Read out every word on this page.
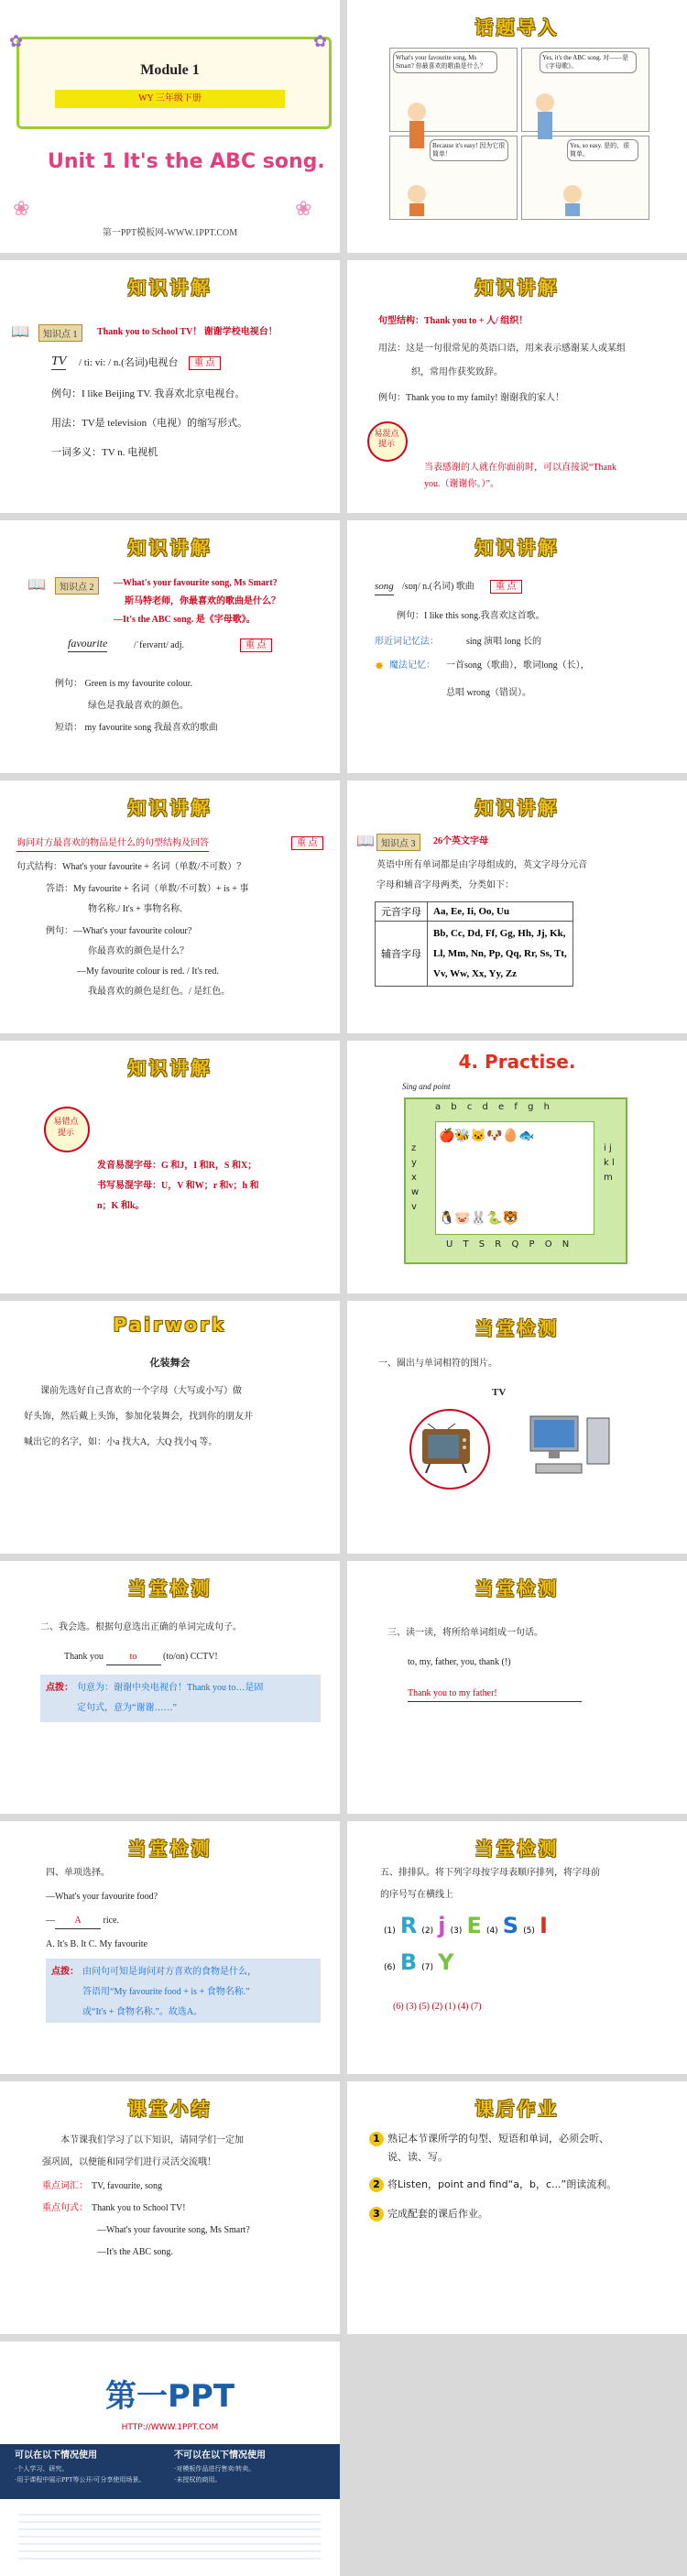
✿	✿
Module 1
WY 三年级下册
Unit 1 It's the ABC song.
❀	❀
第一PPT模板网-WWW.1PPT.COM
话题导入
What's your favourite song, Ms Smart? 你最喜欢的歌曲是什么？
Yes, it's the ABC song. 对——是《字母歌》。
Because it's easy! 因为它很简单！
Yes, so easy. 是的，很简单。
知识讲解
📖	知识点 1	Thank you to School TV！ 谢谢学校电视台！
TV / ti: vi: / n.(名词)电视台	重 点
例句：I like Beijing TV. 我喜欢北京电视台。
用法：TV是 television（电视）的缩写形式。
一词多义：TV n. 电视机
知识讲解
句型结构：Thank you to + 人/ 组织！
用法：这是一句很常见的英语口语，用来表示感谢某人或某组
织，常用作获奖致辞。
例句：Thank you to my family! 谢谢我的家人！
易混点 提示
当表感谢的人就在你面前时，可以直接说“Thank
you.（谢谢你。）”。
知识讲解
📖	知识点 2	—What's your favourite song, Ms Smart?
斯马特老师，你最喜欢的歌曲是什么？
—It's the ABC song. 是《字母歌》。
favourite	/ˈfeɪvərɪt/ adj.	重 点
例句： Green is my favourite colour.
绿色是我最喜欢的颜色。
短语： my favourite song 我最喜欢的歌曲
知识讲解
song /sɒŋ/ n.(名词) 歌曲	重 点
例句：I like this song.我喜欢这首歌。
形近词记忆法：	sing 演唱 long 长的
✸ 魔法记忆： 一首song（歌曲），歌词long（长），
总唱 wrong（错误）。
知识讲解
询问对方最喜欢的物品是什么的句型结构及回答	重 点
句式结构：What's your favourite + 名词（单数/不可数）？
答语：My favourite + 名词（单数/不可数）+ is + 事
物名称./ It's + 事物名称.
例句：—What's your favourite colour?
你最喜欢的颜色是什么？
—My favourite colour is red. / It's red.
我最喜欢的颜色是红色。/ 是红色。
知识讲解
📖 知识点 3	26个英文字母
英语中所有单词都是由字母组成的，英文字母分元音
字母和辅音字母两类，分类如下：
元音字母	Aa, Ee, Ii, Oo, Uu
辅音字母	Bb, Cc, Dd, Ff, Gg, Hh, Jj, Kk,
Ll, Mm, Nn, Pp, Qq, Rr, Ss, Tt,
Vv, Ww, Xx, Yy, Zz
知识讲解
易错点 提示
发音易混字母：G 和J，I 和R，S 和X；
书写易混字母：U，V 和W；r 和v；h 和
n；K 和k。
4. Practise.
Sing and point
a b c d e f g h
U T S R Q P O N
z y x w v
i j k l m
🍎🐝🐱🐶🥚🐟

🐧🐷🐰🐍🐯
Pairwork
化装舞会
课前先选好自己喜欢的一个字母（大写或小写）做
好头饰，然后戴上头饰，参加化装舞会，找到你的朋友并
喊出它的名字，如：小a 找大A，大Q 找小q 等。
当堂检测
一、圈出与单词相符的图片。
TV
当堂检测
二、我会选。根据句意选出正确的单词完成句子。
Thank you	to	(to/on) CCTV!
点拨： 句意为：谢谢中央电视台！Thank you to…是固
定句式，意为“谢谢……”
当堂检测
三、读一读，将所给单词组成一句话。
to, my, father, you, thank (!)
Thank you to my father!
当堂检测
四、单项选择。
—What's your favourite food?
— A rice.
A. It's B. It C. My favourite
点拨： 由问句可知是询问对方喜欢的食物是什么，
答语用“My favourite food + is + 食物名称.”
或“It's + 食物名称.”。故选A。
当堂检测
五、排排队。将下列字母按字母表顺序排列，将字母前
的序号写在横线上
(1) R (2) j (3) E (4) S (5) I
(6) B (7) Y
(6) (3) (5) (2) (1) (4) (7)
课堂小结
本节课我们学习了以下知识，请同学们一定加
强巩固，以便能和同学们进行灵活交流哦！
重点词汇： TV, favourite, song
重点句式： Thank you to School TV!
—What's your favourite song, Ms Smart?
—It's the ABC song.
课后作业
1 熟记本节课所学的句型、短语和单词，必须会听、
说、读、写。
2 将Listen，point and find“a，b，c...”朗读流利。
3 完成配套的课后作业。
第一PPT
HTTP://WWW.1PPT.COM
可以在以下情况使用	不可以在以下情况使用
·个人学习、研究。
·用于课程中展示PPT等公开/可分享使用场景。
·对模板作品进行售卖/转卖。
·未授权的商用。
